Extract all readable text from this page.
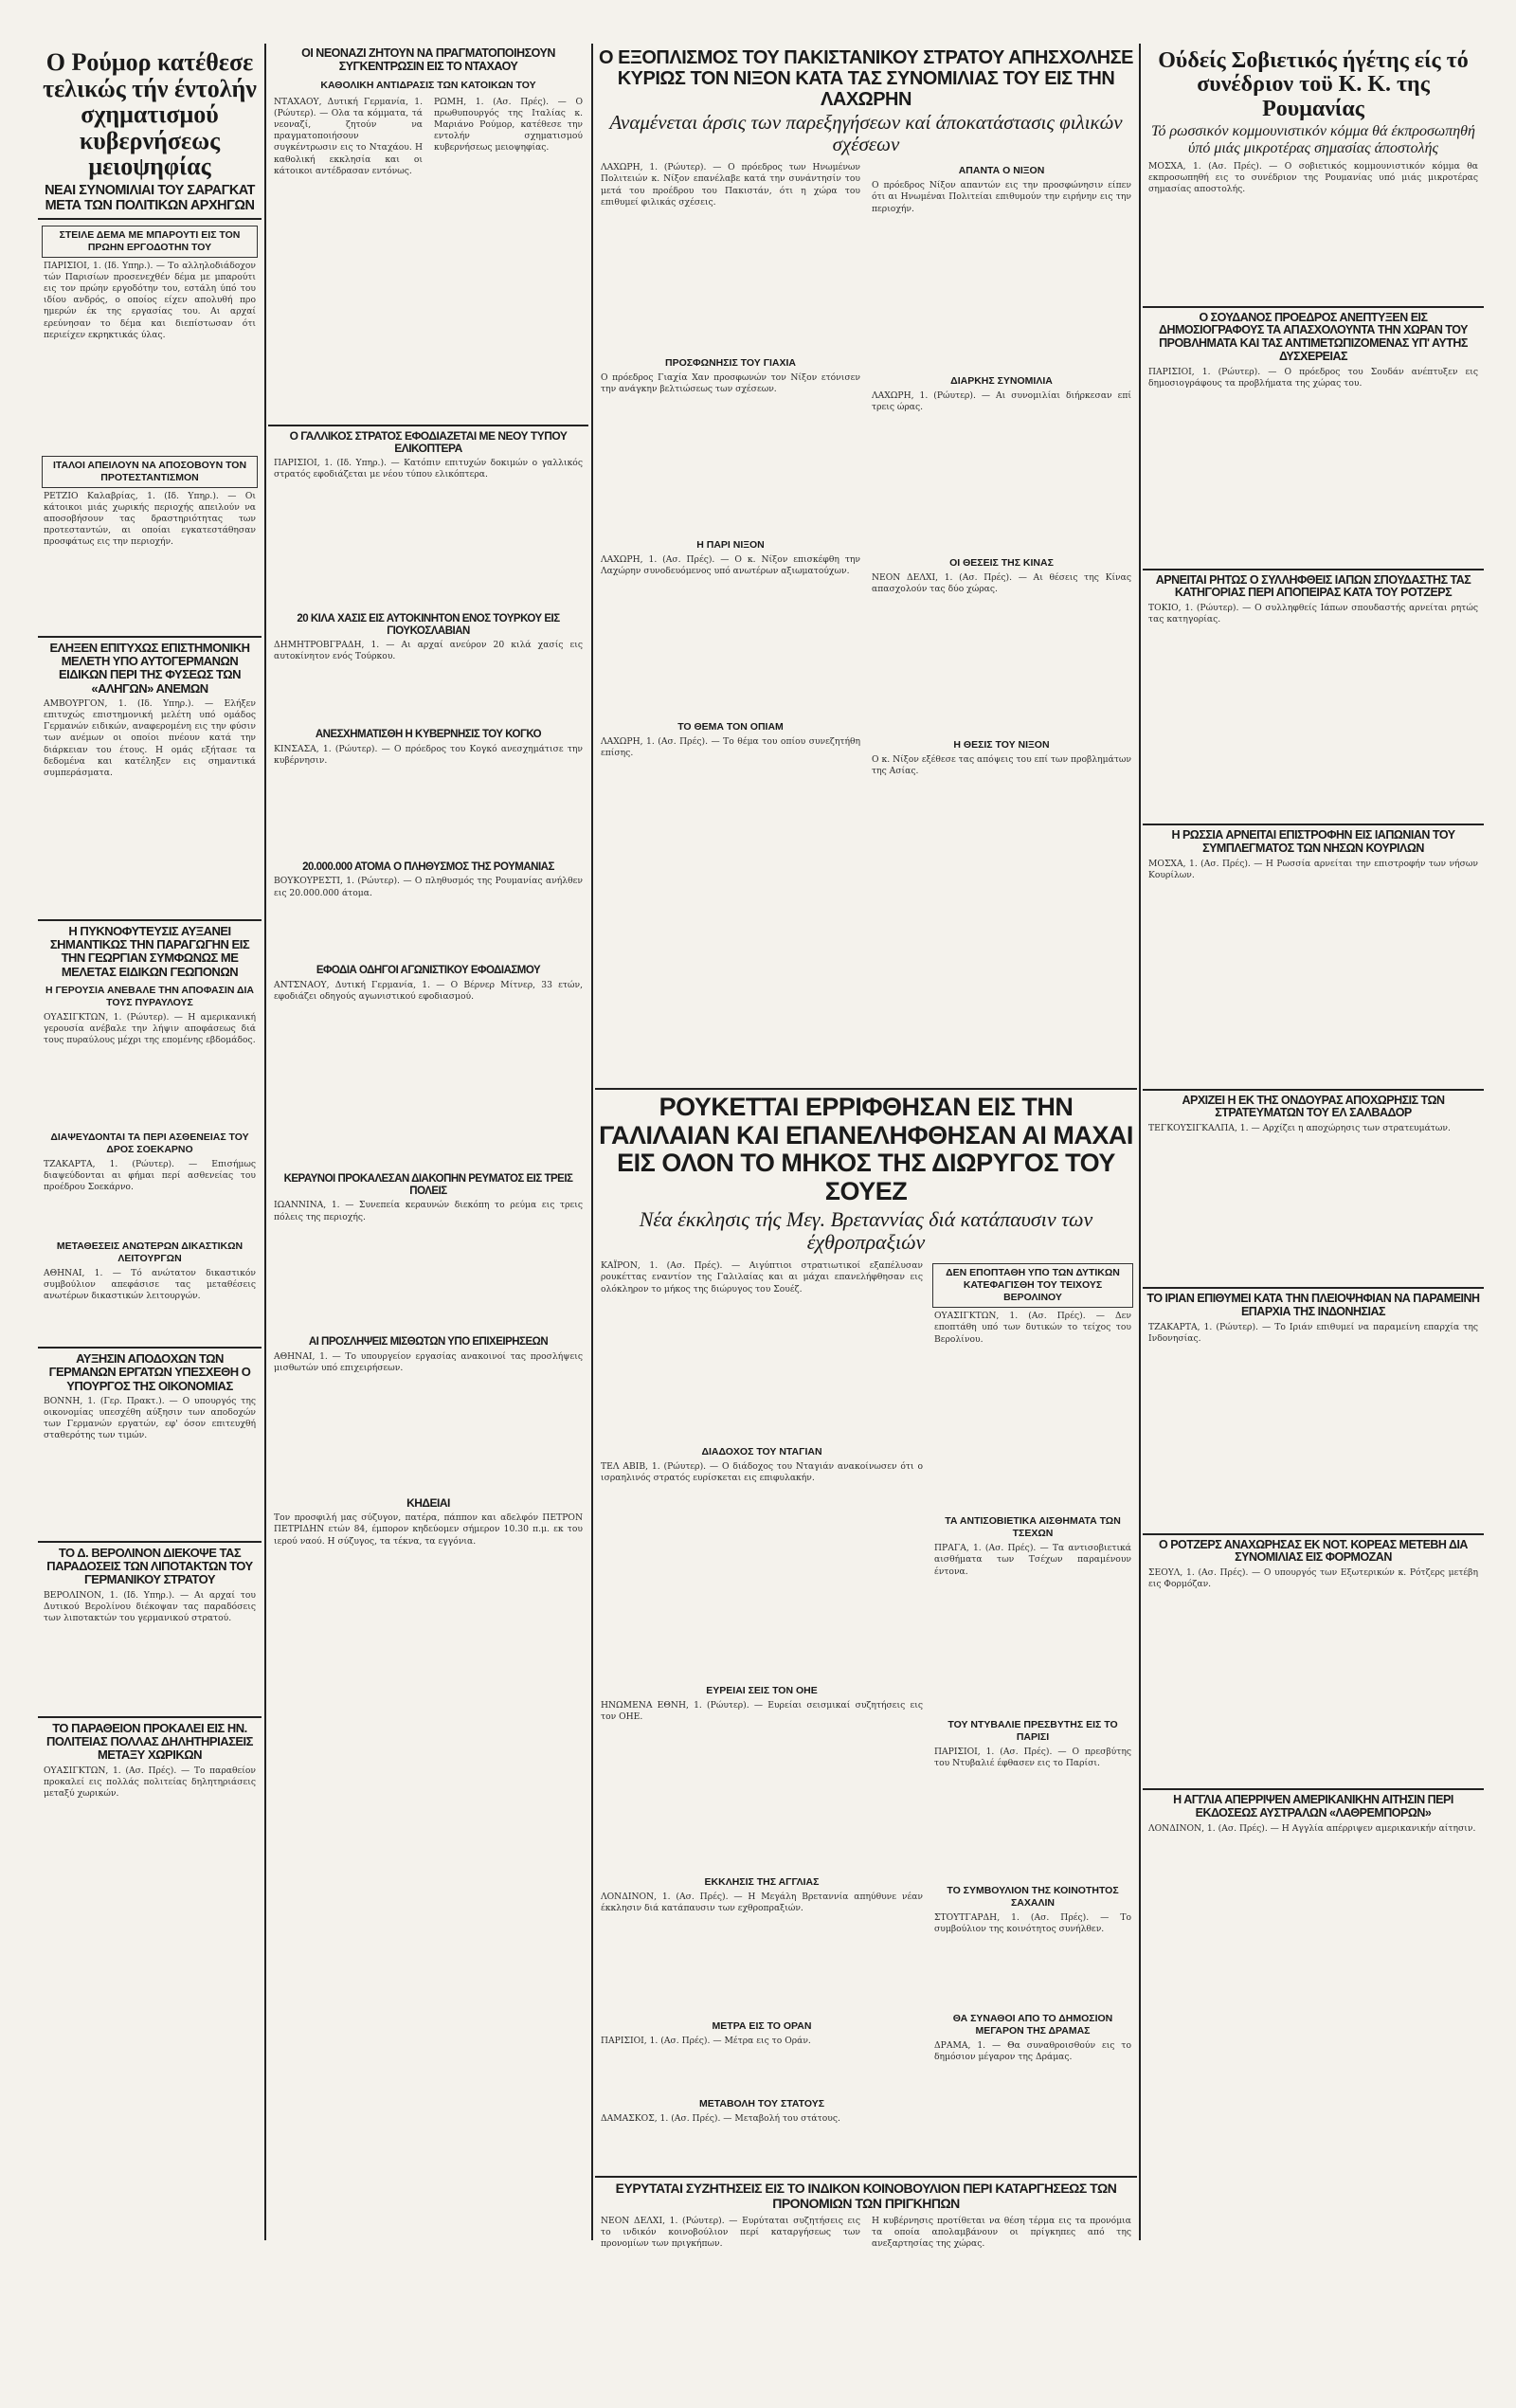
Ο Ρούμορ κατέθεσε τελικώς τήν έντολήν σχηματισμού κυβερνήσεως μειοψηφίας
ΝΕΑΙ ΣΥΝΟΜΙΛΙΑΙ ΤΟΥ ΣΑΡΑΓΚΑΤ ΜΕΤΑ ΤΩΝ ΠΟΛΙΤΙΚΩΝ ΑΡΧΗΓΩΝ
ΣΤΕΙΛΕ ΔΕΜΑ ΜΕ ΜΠΑΡΟΥΤΙ ΕΙΣ ΤΟΝ ΠΡΩΗΝ ΕΡΓΟΔΟΤΗΝ ΤΟΥ
ΠΑΡΙΣΙΟΙ, 1. (Ιδ. Υπηρ.). — Το αλληλοδιάδοχον τών Παρισίων προσενεχθέν δέμα με μπαρούτι εις τον πρώην εργοδότην του, εστάλη ύπό του ιδίου ανδρός, ο οποίος είχεν απολυθή προ ημερών έκ της εργασίας του. Αι αρχαί ερεύνησαν το δέμα και διεπίστωσαν ότι περιείχεν εκρηκτικάς ύλας.
ΙΤΑΛΟΙ ΑΠΕΙΛΟΥΝ ΝΑ ΑΠΟΣΟΒΟΥΝ ΤΟΝ ΠΡΟΤΕΣΤΑΝΤΙΣΜΟΝ
ΡΕΤΖΙΟ Καλαβρίας, 1. (Ιδ. Υπηρ.). — Οι κάτοικοι μιάς χωρικής περιοχής απειλούν να αποσοβήσουν τας δραστηριότητας των προτεσταντών, αι οποίαι εγκατεστάθησαν προσφάτως εις την περιοχήν.
ΕΛΗΞΕΝ ΕΠΙΤΥΧΩΣ ΕΠΙΣΤΗΜΟΝΙΚΗ ΜΕΛΕΤΗ ΥΠΟ ΑΥΤΟΓΕΡΜΑΝΩΝ ΕΙΔΙΚΩΝ ΠΕΡΙ ΤΗΣ ΦΥΣΕΩΣ ΤΩΝ «ΑΛΗΓΩΝ» ΑΝΕΜΩΝ
ΑΜΒΟΥΡΓΟΝ, 1. (Ιδ. Υπηρ.). — Ελήξεν επιτυχώς επιστημονική μελέτη υπό ομάδος Γερμανών ειδικών, αναφερομένη εις την φύσιν των ανέμων οι οποίοι πνέουν κατά την διάρκειαν του έτους. Η ομάς εξήτασε τα δεδομένα και κατέληξεν εις σημαντικά συμπεράσματα.
Η ΠΥΚΝΟΦΥΤΕΥΣΙΣ ΑΥΞΑΝΕΙ ΣΗΜΑΝΤΙΚΩΣ ΤΗΝ ΠΑΡΑΓΩΓΗΝ ΕΙΣ ΤΗΝ ΓΕΩΡΓΙΑΝ ΣΥΜΦΩΝΩΣ ΜΕ ΜΕΛΕΤΑΣ ΕΙΔΙΚΩΝ ΓΕΩΠΟΝΩΝ
Η ΓΕΡΟΥΣΙΑ ΑΝΕΒΑΛΕ ΤΗΝ ΑΠΟΦΑΣΙΝ ΔΙΑ ΤΟΥΣ ΠΥΡΑΥΛΟΥΣ
ΟΥΑΣΙΓΚΤΩΝ, 1. (Ρώυτερ). — Η αμερικανική γερουσία ανέβαλε την λήψιν αποφάσεως διά τους πυραύλους μέχρι της επομένης εβδομάδος.
ΔΙΑΨΕΥΔΟΝΤΑΙ ΤΑ ΠΕΡΙ ΑΣΘΕΝΕΙΑΣ ΤΟΥ ΔΡΟΣ ΣΟΕΚΑΡΝΟ
ΤΖΑΚΑΡΤΑ, 1. (Ρώυτερ). — Επισήμως διαψεύδονται αι φήμαι περί ασθενείας του προέδρου Σοεκάρνο.
ΜΕΤΑΘΕΣΕΙΣ ΑΝΩΤΕΡΩΝ ΔΙΚΑΣΤΙΚΩΝ ΛΕΙΤΟΥΡΓΩΝ
ΑΘΗΝΑΙ, 1. — Τό ανώτατον δικαστικόν συμβούλιον απεφάσισε τας μεταθέσεις ανωτέρων δικαστικών λειτουργών.
ΑΥΞΗΣΙΝ ΑΠΟΔΟΧΩΝ ΤΩΝ ΓΕΡΜΑΝΩΝ ΕΡΓΑΤΩΝ ΥΠΕΣΧΕΘΗ Ο ΥΠΟΥΡΓΟΣ ΤΗΣ ΟΙΚΟΝΟΜΙΑΣ
ΒΟΝΝΗ, 1. (Γερ. Πρακτ.). — Ο υπουργός της οικονομίας υπεσχέθη αύξησιν των αποδοχών των Γερμανών εργατών, εφ' όσον επιτευχθή σταθερότης των τιμών.
ΤΟ Δ. ΒΕΡΟΛΙΝΟΝ ΔΙΕΚΟΨΕ ΤΑΣ ΠΑΡΑΔΟΣΕΙΣ ΤΩΝ ΛΙΠΟΤΑΚΤΩΝ ΤΟΥ ΓΕΡΜΑΝΙΚΟΥ ΣΤΡΑΤΟΥ
ΒΕΡΟΛΙΝΟΝ, 1. (Ιδ. Υπηρ.). — Αι αρχαί του Δυτικού Βερολίνου διέκοψαν τας παραδόσεις των λιποτακτών του γερμανικού στρατού.
ΤΟ ΠΑΡΑΘΕΙΟΝ ΠΡΟΚΑΛΕΙ ΕΙΣ ΗΝ. ΠΟΛΙΤΕΙΑΣ ΠΟΛΛΑΣ ΔΗΛΗΤΗΡΙΑΣΕΙΣ ΜΕΤΑΞΥ ΧΩΡΙΚΩΝ
ΟΥΑΣΙΓΚΤΩΝ, 1. (Ασ. Πρές). — Το παραθείον προκαλεί εις πολλάς πολιτείας δηλητηριάσεις μεταξύ χωρικών.
ΟΙ ΝΕΟΝΑΖΙ ΖΗΤΟΥΝ ΝΑ ΠΡΑΓΜΑΤΟΠΟΙΗΣΟΥΝ ΣΥΓΚΕΝΤΡΩΣΙΝ ΕΙΣ ΤΟ ΝΤΑΧΑΟΥ
ΚΑΘΟΛΙΚΗ ΑΝΤΙΔΡΑΣΙΣ ΤΩΝ ΚΑΤΟΙΚΩΝ ΤΟΥ
ΝΤΑΧΑΟΥ, Δυτική Γερμανία, 1. (Ρώυτερ). — Ολα τα κόμματα, τά νεοναζί, ζητούν να πραγματοποιήσουν συγκέντρωσιν εις το Νταχάου. Η καθολική εκκλησία και οι κάτοικοι αντέδρασαν εντόνως.
ΡΩΜΗ, 1. (Ασ. Πρές). — Ο πρωθυπουργός της Ιταλίας κ. Μαριάνο Ρούμορ, κατέθεσε την εντολήν σχηματισμού κυβερνήσεως μειοψηφίας.
Ο ΓΑΛΛΙΚΟΣ ΣΤΡΑΤΟΣ ΕΦΟΔΙΑΖΕΤΑΙ ΜΕ ΝΕΟΥ ΤΥΠΟΥ ΕΛΙΚΟΠΤΕΡΑ
ΠΑΡΙΣΙΟΙ, 1. (Ιδ. Υπηρ.). — Κατόπιν επιτυχών δοκιμών ο γαλλικός στρατός εφοδιάζεται με νέου τύπου ελικόπτερα.
20 ΚΙΛΑ ΧΑΣΙΣ ΕΙΣ ΑΥΤΟΚΙΝΗΤΟΝ ΕΝΟΣ ΤΟΥΡΚΟΥ ΕΙΣ ΓΙΟΥΚΟΣΛΑΒΙΑΝ
ΔΗΜΗΤΡΟΒΓΡΑΔΗ, 1. — Αι αρχαί ανεύρον 20 κιλά χασίς εις αυτοκίνητον ενός Τούρκου.
ΑΝΕΣΧΗΜΑΤΙΣΘΗ Η ΚΥΒΕΡΝΗΣΙΣ ΤΟΥ ΚΟΓΚΟ
ΚΙΝΣΑΣΑ, 1. (Ρώυτερ). — Ο πρόεδρος του Κογκό ανεσχημάτισε την κυβέρνησιν.
20.000.000 ΑΤΟΜΑ Ο ΠΛΗΘΥΣΜΟΣ ΤΗΣ ΡΟΥΜΑΝΙΑΣ
ΒΟΥΚΟΥΡΕΣΤΙ, 1. (Ρώυτερ). — Ο πληθυσμός της Ρουμανίας ανήλθεν εις 20.000.000 άτομα.
ΕΦΟΔΙΑ ΟΔΗΓΟΙ ΑΓΩΝΙΣΤΙΚΟΥ ΕΦΟΔΙΑΣΜΟΥ
ΑΝΤΣΝΑΟΥ, Δυτική Γερμανία, 1. — Ο Βέρνερ Μίτνερ, 33 ετών, εφοδιάζει οδηγούς αγωνιστικού εφοδιασμού.
ΚΕΡΑΥΝΟΙ ΠΡΟΚΑΛΕΣΑΝ ΔΙΑΚΟΠΗΝ ΡΕΥΜΑΤΟΣ ΕΙΣ ΤΡΕΙΣ ΠΟΛΕΙΣ
ΙΩΑΝΝΙΝΑ, 1. — Συνεπεία κεραυνών διεκόπη το ρεύμα εις τρεις πόλεις της περιοχής.
ΑΙ ΠΡΟΣΛΗΨΕΙΣ ΜΙΣΘΩΤΩΝ ΥΠΟ ΕΠΙΧΕΙΡΗΣΕΩΝ
ΑΘΗΝΑΙ, 1. — Το υπουργείον εργασίας ανακοινοί τας προσλήψεις μισθωτών υπό επιχειρήσεων.
ΚΗΔΕΙΑΙ
Τον προσφιλή μας σύζυγον, πατέρα, πάππον και αδελφόν ΠΕΤΡΟΝ ΠΕΤΡΙΔΗΝ ετών 84, έμπορον κηδεύομεν σήμερον 10.30 π.μ. εκ του ιερού ναού. Η σύζυγος, τα τέκνα, τα εγγόνια.
Ο ΕΞΟΠΛΙΣΜΟΣ ΤΟΥ ΠΑΚΙΣΤΑΝΙΚΟΥ ΣΤΡΑΤΟΥ ΑΠΗΣΧΟΛΗΣΕ ΚΥΡΙΩΣ ΤΟΝ ΝΙΞΟΝ ΚΑΤΑ ΤΑΣ ΣΥΝΟΜΙΛΙΑΣ ΤΟΥ ΕΙΣ ΤΗΝ ΛΑΧΩΡΗΝ
Αναμένεται άρσις των παρεξηγήσεων καί άποκατάστασις φιλικών σχέσεων
ΛΑΧΩΡΗ, 1. (Ρώυτερ). — Ο πρόεδρος των Ηνωμένων Πολιτειών κ. Νίξον επανέλαβε κατά την συνάντησίν του μετά του προέδρου του Πακιστάν, ότι η χώρα του επιθυμεί φιλικάς σχέσεις.
ΠΡΟΣΦΩΝΗΣΙΣ ΤΟΥ ΓΙΑΧΙΑ
Ο πρόεδρος Γιαχία Χαν προσφωνών τον Νίξον ετόνισεν την ανάγκην βελτιώσεως των σχέσεων.
Η ΠΑΡΙ ΝΙΞΟΝ
ΛΑΧΩΡΗ, 1. (Ασ. Πρές). — Ο κ. Νίξον επισκέφθη την Λαχώρην συνοδευόμενος υπό ανωτέρων αξιωματούχων.
ΤΟ ΘΕΜΑ ΤΟΝ ΟΠΙΑΜ
ΛΑΧΩΡΗ, 1. (Ασ. Πρές). — Το θέμα του οπίου συνεζητήθη επίσης.
ΑΠΑΝΤΑ Ο ΝΙΞΟΝ
Ο πρόεδρος Νίξον απαντών εις την προσφώνησιν είπεν ότι αι Ηνωμέναι Πολιτείαι επιθυμούν την ειρήνην εις την περιοχήν.
ΔΙΑΡΚΗΣ ΣΥΝΟΜΙΛΙΑ
ΛΑΧΩΡΗ, 1. (Ρώυτερ). — Αι συνομιλίαι διήρκεσαν επί τρεις ώρας.
ΟΙ ΘΕΣΕΙΣ ΤΗΣ ΚΙΝΑΣ
ΝΕΟΝ ΔΕΛΧΙ, 1. (Ασ. Πρές). — Αι θέσεις της Κίνας απασχολούν τας δύο χώρας.
Η ΘΕΣΙΣ ΤΟΥ ΝΙΞΟΝ
Ο κ. Νίξον εξέθεσε τας απόψεις του επί των προβλημάτων της Ασίας.
Ούδείς Σοβιετικός ήγέτης είς τό συνέδριον τοϋ Κ. Κ. της Ρουμανίας
Τό ρωσσικόν κομμουνιστικόν κόμμα θά έκπροσωπηθή ύπό μιάς μικροτέρας σημασίας άποστολής
ΜΟΣΧΑ, 1. (Ασ. Πρές). — Ο σοβιετικός κομμουνιστικόν κόμμα θα εκπροσωπηθή εις το συνέδριον της Ρουμανίας υπό μιάς μικροτέρας σημασίας αποστολής.
Ο ΣΟΥΔΑΝΟΣ ΠΡΟΕΔΡΟΣ ΑΝΕΠΤΥΞΕΝ ΕΙΣ ΔΗΜΟΣΙΟΓΡΑΦΟΥΣ ΤΑ ΑΠΑΣΧΟΛΟΥΝΤΑ ΤΗΝ ΧΩΡΑΝ ΤΟΥ ΠΡΟΒΛΗΜΑΤΑ ΚΑΙ ΤΑΣ ΑΝΤΙΜΕΤΩΠΙΖΟΜΕΝΑΣ ΥΠ' ΑΥΤΗΣ ΔΥΣΧΕΡΕΙΑΣ
ΠΑΡΙΣΙΟΙ, 1. (Ρώυτερ). — Ο πρόεδρος του Σουδάν ανέπτυξεν εις δημοσιογράφους τα προβλήματα της χώρας του.
ΑΡΝΕΙΤΑΙ ΡΗΤΩΣ Ο ΣΥΛΛΗΦΘΕΙΣ ΙΑΠΩΝ ΣΠΟΥΔΑΣΤΗΣ ΤΑΣ ΚΑΤΗΓΟΡΙΑΣ ΠΕΡΙ ΑΠΟΠΕΙΡΑΣ ΚΑΤΑ ΤΟΥ ΡΟΤΖΕΡΣ
ΤΟΚΙΟ, 1. (Ρώυτερ). — Ο συλληφθείς Ιάπων σπουδαστής αρνείται ρητώς τας κατηγορίας.
Η ΡΩΣΣΙΑ ΑΡΝΕΙΤΑΙ ΕΠΙΣΤΡΟΦΗΝ ΕΙΣ ΙΑΠΩΝΙΑΝ ΤΟΥ ΣΥΜΠΛΕΓΜΑΤΟΣ ΤΩΝ ΝΗΣΩΝ ΚΟΥΡΙΛΩΝ
ΜΟΣΧΑ, 1. (Ασ. Πρές). — Η Ρωσσία αρνείται την επιστροφήν των νήσων Κουρίλων.
ΑΡΧΙΖΕΙ Η ΕΚ ΤΗΣ ΟΝΔΟΥΡΑΣ ΑΠΟΧΩΡΗΣΙΣ ΤΩΝ ΣΤΡΑΤΕΥΜΑΤΩΝ ΤΟΥ ΕΛ ΣΑΛΒΑΔΟΡ
ΤΕΓΚΟΥΣΙΓΚΑΛΠΑ, 1. — Αρχίζει η αποχώρησις των στρατευμάτων.
ΤΟ ΙΡΙΑΝ ΕΠΙΘΥΜΕΙ ΚΑΤΑ ΤΗΝ ΠΛΕΙΟΨΗΦΙΑΝ ΝΑ ΠΑΡΑΜΕΙΝΗ ΕΠΑΡΧΙΑ ΤΗΣ ΙΝΔΟΝΗΣΙΑΣ
ΤΖΑΚΑΡΤΑ, 1. (Ρώυτερ). — Το Ιριάν επιθυμεί να παραμείνη επαρχία της Ινδονησίας.
Ο ΡΟΤΖΕΡΣ ΑΝΑΧΩΡΗΣΑΣ ΕΚ ΝΟΤ. ΚΟΡΕΑΣ ΜΕΤΕΒΗ ΔΙΑ ΣΥΝΟΜΙΛΙΑΣ ΕΙΣ ΦΟΡΜΟΖΑΝ
ΣΕΟΥΛ, 1. (Ασ. Πρές). — Ο υπουργός των Εξωτερικών κ. Ρότζερς μετέβη εις Φορμόζαν.
Η ΑΓΓΛΙΑ ΑΠΕΡΡΙΨΕΝ ΑΜΕΡΙΚΑΝΙΚΗΝ ΑΙΤΗΣΙΝ ΠΕΡΙ ΕΚΔΟΣΕΩΣ ΑΥΣΤΡΑΛΩΝ «ΛΑΘΡΕΜΠΟΡΩΝ»
ΛΟΝΔΙΝΟΝ, 1. (Ασ. Πρές). — Η Αγγλία απέρριψεν αμερικανικήν αίτησιν.
ΡΟΥΚΕΤΤΑΙ ΕΡΡΙΦΘΗΣΑΝ ΕΙΣ ΤΗΝ ΓΑΛΙΛΑΙΑΝ ΚΑΙ ΕΠΑΝΕΛΗΦΘΗΣΑΝ ΑΙ ΜΑΧΑΙ ΕΙΣ ΟΛΟΝ ΤΟ ΜΗΚΟΣ ΤΗΣ ΔΙΩΡΥΓΟΣ ΤΟΥ ΣΟΥΕΖ
Νέα έκκλησις τής Μεγ. Βρεταννίας διά κατάπαυσιν των έχθροπραξιών
ΚΑΪΡΟΝ, 1. (Ασ. Πρές). — Αιγύπτιοι στρατιωτικοί εξαπέλυσαν ρουκέττας εναντίον της Γαλιλαίας και αι μάχαι επανελήφθησαν εις ολόκληρον το μήκος της διώρυγος του Σουέζ.
ΔΙΑΔΟΧΟΣ ΤΟΥ ΝΤΑΓΙΑΝ
ΤΕΛ ΑΒΙΒ, 1. (Ρώυτερ). — Ο διάδοχος του Νταγιάν ανακοίνωσεν ότι ο ισραηλινός στρατός ευρίσκεται εις επιφυλακήν.
ΕΥΡΕΙΑΙ ΣΕΙΣ ΤΟΝ ΟΗΕ
ΗΝΩΜΕΝΑ ΕΘΝΗ, 1. (Ρώυτερ). — Ευρείαι σεισμικαί συζητήσεις εις τον ΟΗΕ.
ΕΚΚΛΗΣΙΣ ΤΗΣ ΑΓΓΛΙΑΣ
ΛΟΝΔΙΝΟΝ, 1. (Ασ. Πρές). — Η Μεγάλη Βρεταννία απηύθυνε νέαν έκκλησιν διά κατάπαυσιν των εχθροπραξιών.
ΜΕΤΡΑ ΕΙΣ ΤΟ ΟΡΑΝ
ΠΑΡΙΣΙΟΙ, 1. (Ασ. Πρές). — Μέτρα εις το Οράν.
ΜΕΤΑΒΟΛΗ ΤΟΥ ΣΤΑΤΟΥΣ
ΔΑΜΑΣΚΟΣ, 1. (Ασ. Πρές). — Μεταβολή του στάτους.
ΔΕΝ ΕΠΟΠΤΑΘΗ ΥΠΟ ΤΩΝ ΔΥΤΙΚΩΝ ΚΑΤΕΦΑΓΙΣΘΗ ΤΟΥ ΤΕΙΧΟΥΣ ΒΕΡΟΛΙΝΟΥ
ΟΥΑΣΙΓΚΤΩΝ, 1. (Ασ. Πρές). — Δεν εποπτάθη υπό των δυτικών το τείχος του Βερολίνου.
ΤΑ ΑΝΤΙΣΟΒΙΕΤΙΚΑ ΑΙΣΘΗΜΑΤΑ ΤΩΝ ΤΣΕΧΩΝ
ΠΡΑΓΑ, 1. (Ασ. Πρές). — Τα αντισοβιετικά αισθήματα των Τσέχων παραμένουν έντονα.
ΤΟΥ ΝΤΥΒΑΛΙΕ ΠΡΕΣΒΥΤΗΣ ΕΙΣ ΤΟ ΠΑΡΙΣΙ
ΠΑΡΙΣΙΟΙ, 1. (Ασ. Πρές). — Ο πρεσβύτης του Ντυβαλιέ έφθασεν εις το Παρίσι.
ΤΟ ΣΥΜΒΟΥΛΙΟΝ ΤΗΣ ΚΟΙΝΟΤΗΤΟΣ ΣΑΧΑΛΙΝ
ΣΤΟΥΤΓΑΡΔΗ, 1. (Ασ. Πρές). — Το συμβούλιον της κοινότητος συνήλθεν.
ΘΑ ΣΥΝΑΘΟΙ ΑΠΟ ΤΟ ΔΗΜΟΣΙΟΝ ΜΕΓΑΡΟΝ ΤΗΣ ΔΡΑΜΑΣ
ΔΡΑΜΑ, 1. — Θα συναθροισθούν εις το δημόσιον μέγαρον της Δράμας.
ΕΥΡΥΤΑΤΑΙ ΣΥΖΗΤΗΣΕΙΣ ΕΙΣ ΤΟ ΙΝΔΙΚΟΝ ΚΟΙΝΟΒΟΥΛΙΟΝ ΠΕΡΙ ΚΑΤΑΡΓΗΣΕΩΣ ΤΩΝ ΠΡΟΝΟΜΙΩΝ ΤΩΝ ΠΡΙΓΚΗΠΩΝ
ΝΕΟΝ ΔΕΛΧΙ, 1. (Ρώυτερ). — Ευρύταται συζητήσεις εις το ινδικόν κοινοβούλιον περί καταργήσεως των προνομίων των πριγκήπων.
Η κυβέρνησις προτίθεται να θέση τέρμα εις τα προνόμια τα οποία απολαμβάνουν οι πρίγκηπες από της ανεξαρτησίας της χώρας.
